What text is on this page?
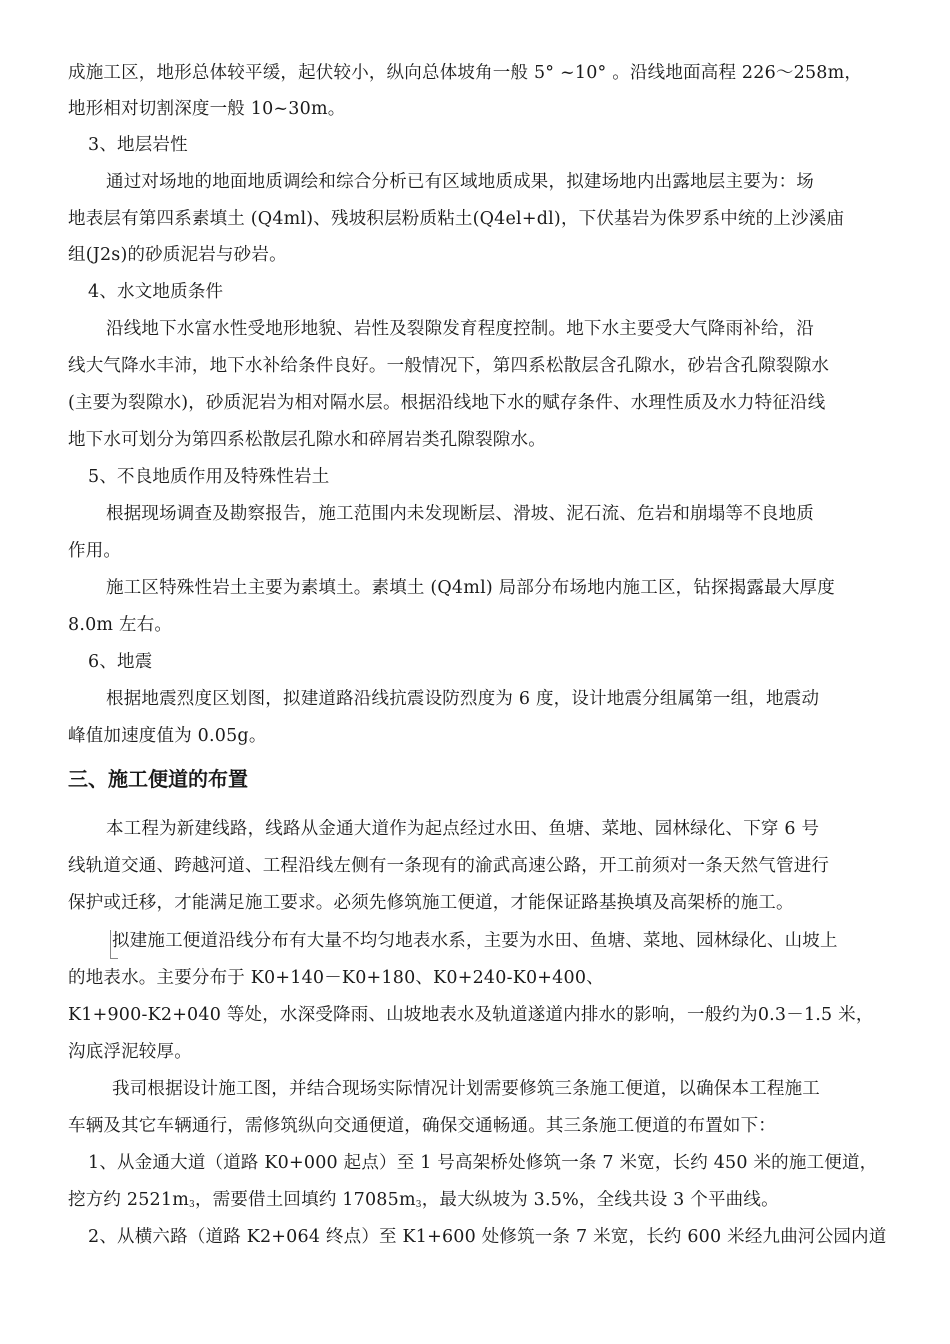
成施工区，地形总体较平缓，起伏较小，纵向总体坡角一般 5° ~10° 。沿线地面高程 226～258m，
地形相对切割深度一般 10~30m。
3、地层岩性
通过对场地的地面地质调绘和综合分析已有区域地质成果，拟建场地内出露地层主要为：场
地表层有第四系素填土 (Q4ml)、残坡积层粉质粘土(Q4el+dl)，下伏基岩为侏罗系中统的上沙溪庙
组(J2s)的砂质泥岩与砂岩。
4、水文地质条件
沿线地下水富水性受地形地貌、岩性及裂隙发育程度控制。地下水主要受大气降雨补给，沿
线大气降水丰沛，地下水补给条件良好。一般情况下，第四系松散层含孔隙水，砂岩含孔隙裂隙水
(主要为裂隙水)，砂质泥岩为相对隔水层。根据沿线地下水的赋存条件、水理性质及水力特征沿线
地下水可划分为第四系松散层孔隙水和碎屑岩类孔隙裂隙水。
5、不良地质作用及特殊性岩土
根据现场调查及勘察报告，施工范围内未发现断层、滑坡、泥石流、危岩和崩塌等不良地质
作用。
施工区特殊性岩土主要为素填土。素填土 (Q4ml) 局部分布场地内施工区，钻探揭露最大厚度
8.0m 左右。
6、地震
根据地震烈度区划图，拟建道路沿线抗震设防烈度为 6 度，设计地震分组属第一组，地震动
峰值加速度值为 0.05g。
三、施工便道的布置
本工程为新建线路，线路从金通大道作为起点经过水田、鱼塘、菜地、园林绿化、下穿 6 号
线轨道交通、跨越河道、工程沿线左侧有一条现有的渝武高速公路，开工前须对一条天然气管进行
保护或迁移，才能满足施工要求。必须先修筑施工便道，才能保证路基换填及高架桥的施工。
拟建施工便道沿线分布有大量不均匀地表水系，主要为水田、鱼塘、菜地、园林绿化、山坡上
的地表水。主要分布于 K0+140－K0+180、K0+240-K0+400、
K1+900-K2+040 等处，水深受降雨、山坡地表水及轨道遂道内排水的影响，一般约为0.3－1.5 米，
沟底浮泥较厚。
我司根据设计施工图，并结合现场实际情况计划需要修筑三条施工便道，以确保本工程施工
车辆及其它车辆通行，需修筑纵向交通便道，确保交通畅通。其三条施工便道的布置如下：
1、从金通大道（道路 K0+000 起点）至 1 号高架桥处修筑一条 7 米宽，长约 450 米的施工便道，
挖方约 $2521m_3$，需要借土回填约 $17085m_3$，最大纵坡为 3.5%，全线共设 3 个平曲线。
2、从横六路（道路 K2+064 终点）至 K1+600 处修筑一条 7 米宽，长约 600 米经九曲河公园内道
